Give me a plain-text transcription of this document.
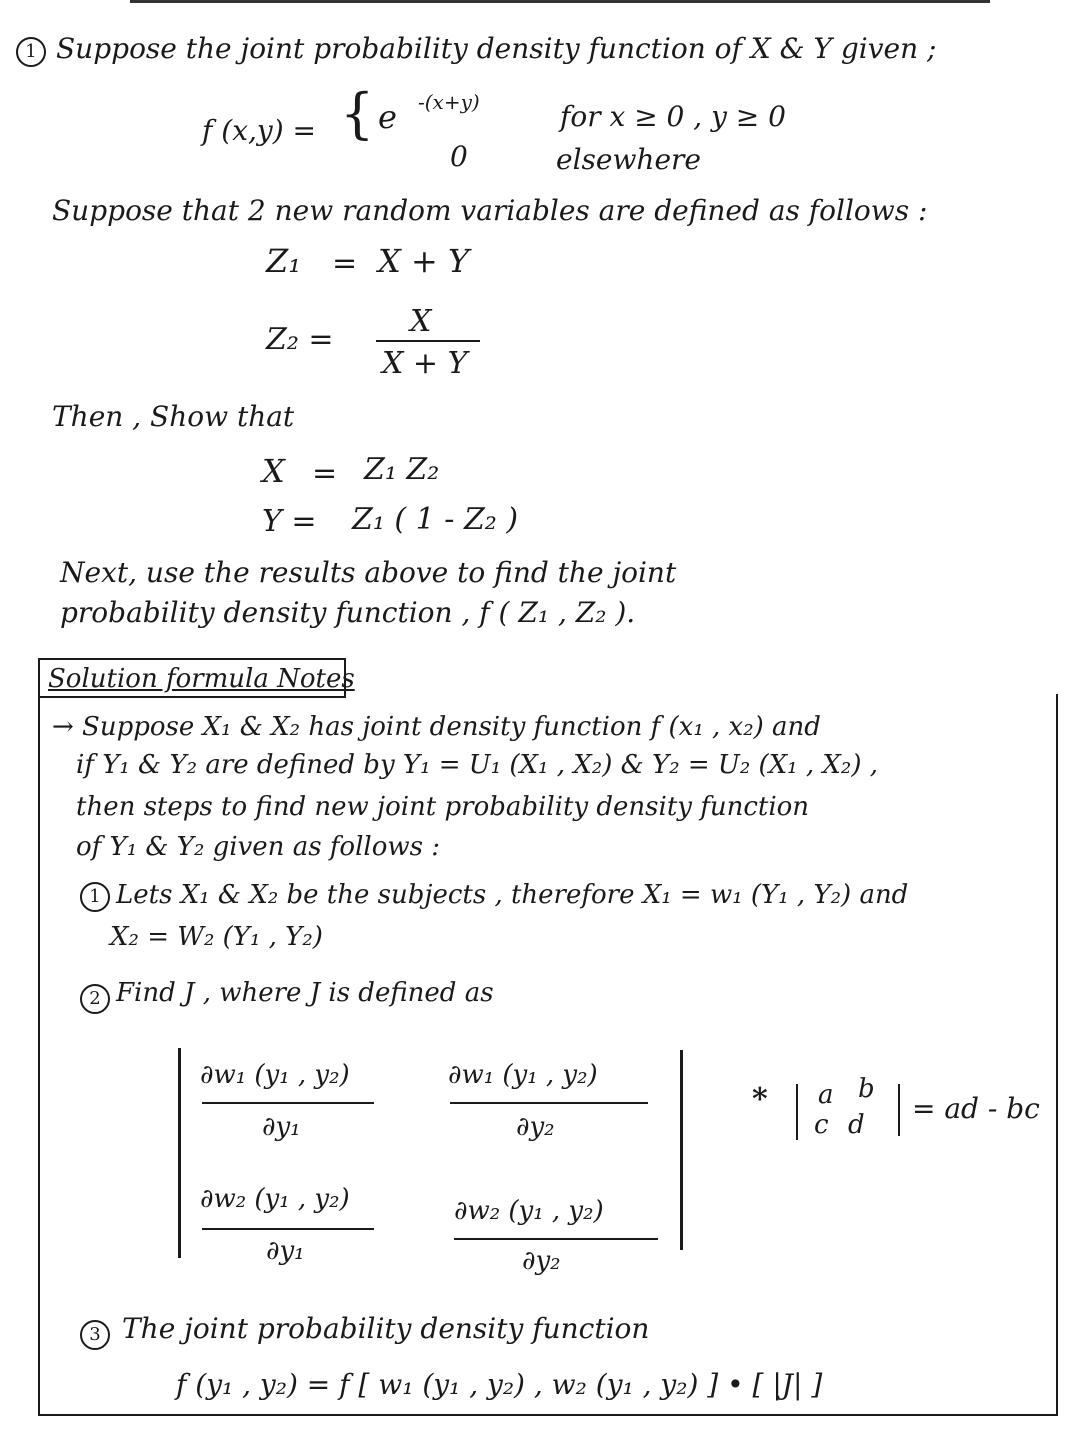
1 Suppose the joint probability density function of X & Y given ;
f (x,y) = { e -(x+y)	for x ≥ 0 , y ≥ 0
0	elsewhere
Suppose that 2 new random variables are defined as follows :
Z₁ = X + Y
Z₂ =
X
X + Y
Then , Show that
X = Z₁ Z₂
Y = Z₁ ( 1 - Z₂ )
Next, use the results above to find the joint
probability density function , f ( Z₁ , Z₂ ).
Solution formula Notes
→ Suppose X₁ & X₂ has joint density function f (x₁ , x₂) and
if Y₁ & Y₂ are defined by Y₁ = U₁ (X₁ , X₂) & Y₂ = U₂ (X₁ , X₂) ,
then steps to find new joint probability density function
of Y₁ & Y₂ given as follows :
1 Lets X₁ & X₂ be the subjects , therefore X₁ = w₁ (Y₁ , Y₂) and
X₂ = W₂ (Y₁ , Y₂)
2 Find J , where J is defined as
∂w₁ (y₁ , y₂)
∂y₁
∂w₁ (y₁ , y₂)
∂y₂
∂w₂ (y₁ , y₂)
∂y₁
∂w₂ (y₁ , y₂)
∂y₂
* a b
c d = ad - bc
3 The joint probability density function
f (y₁ , y₂) = f [ w₁ (y₁ , y₂) , w₂ (y₁ , y₂) ] • [ |J| ]
